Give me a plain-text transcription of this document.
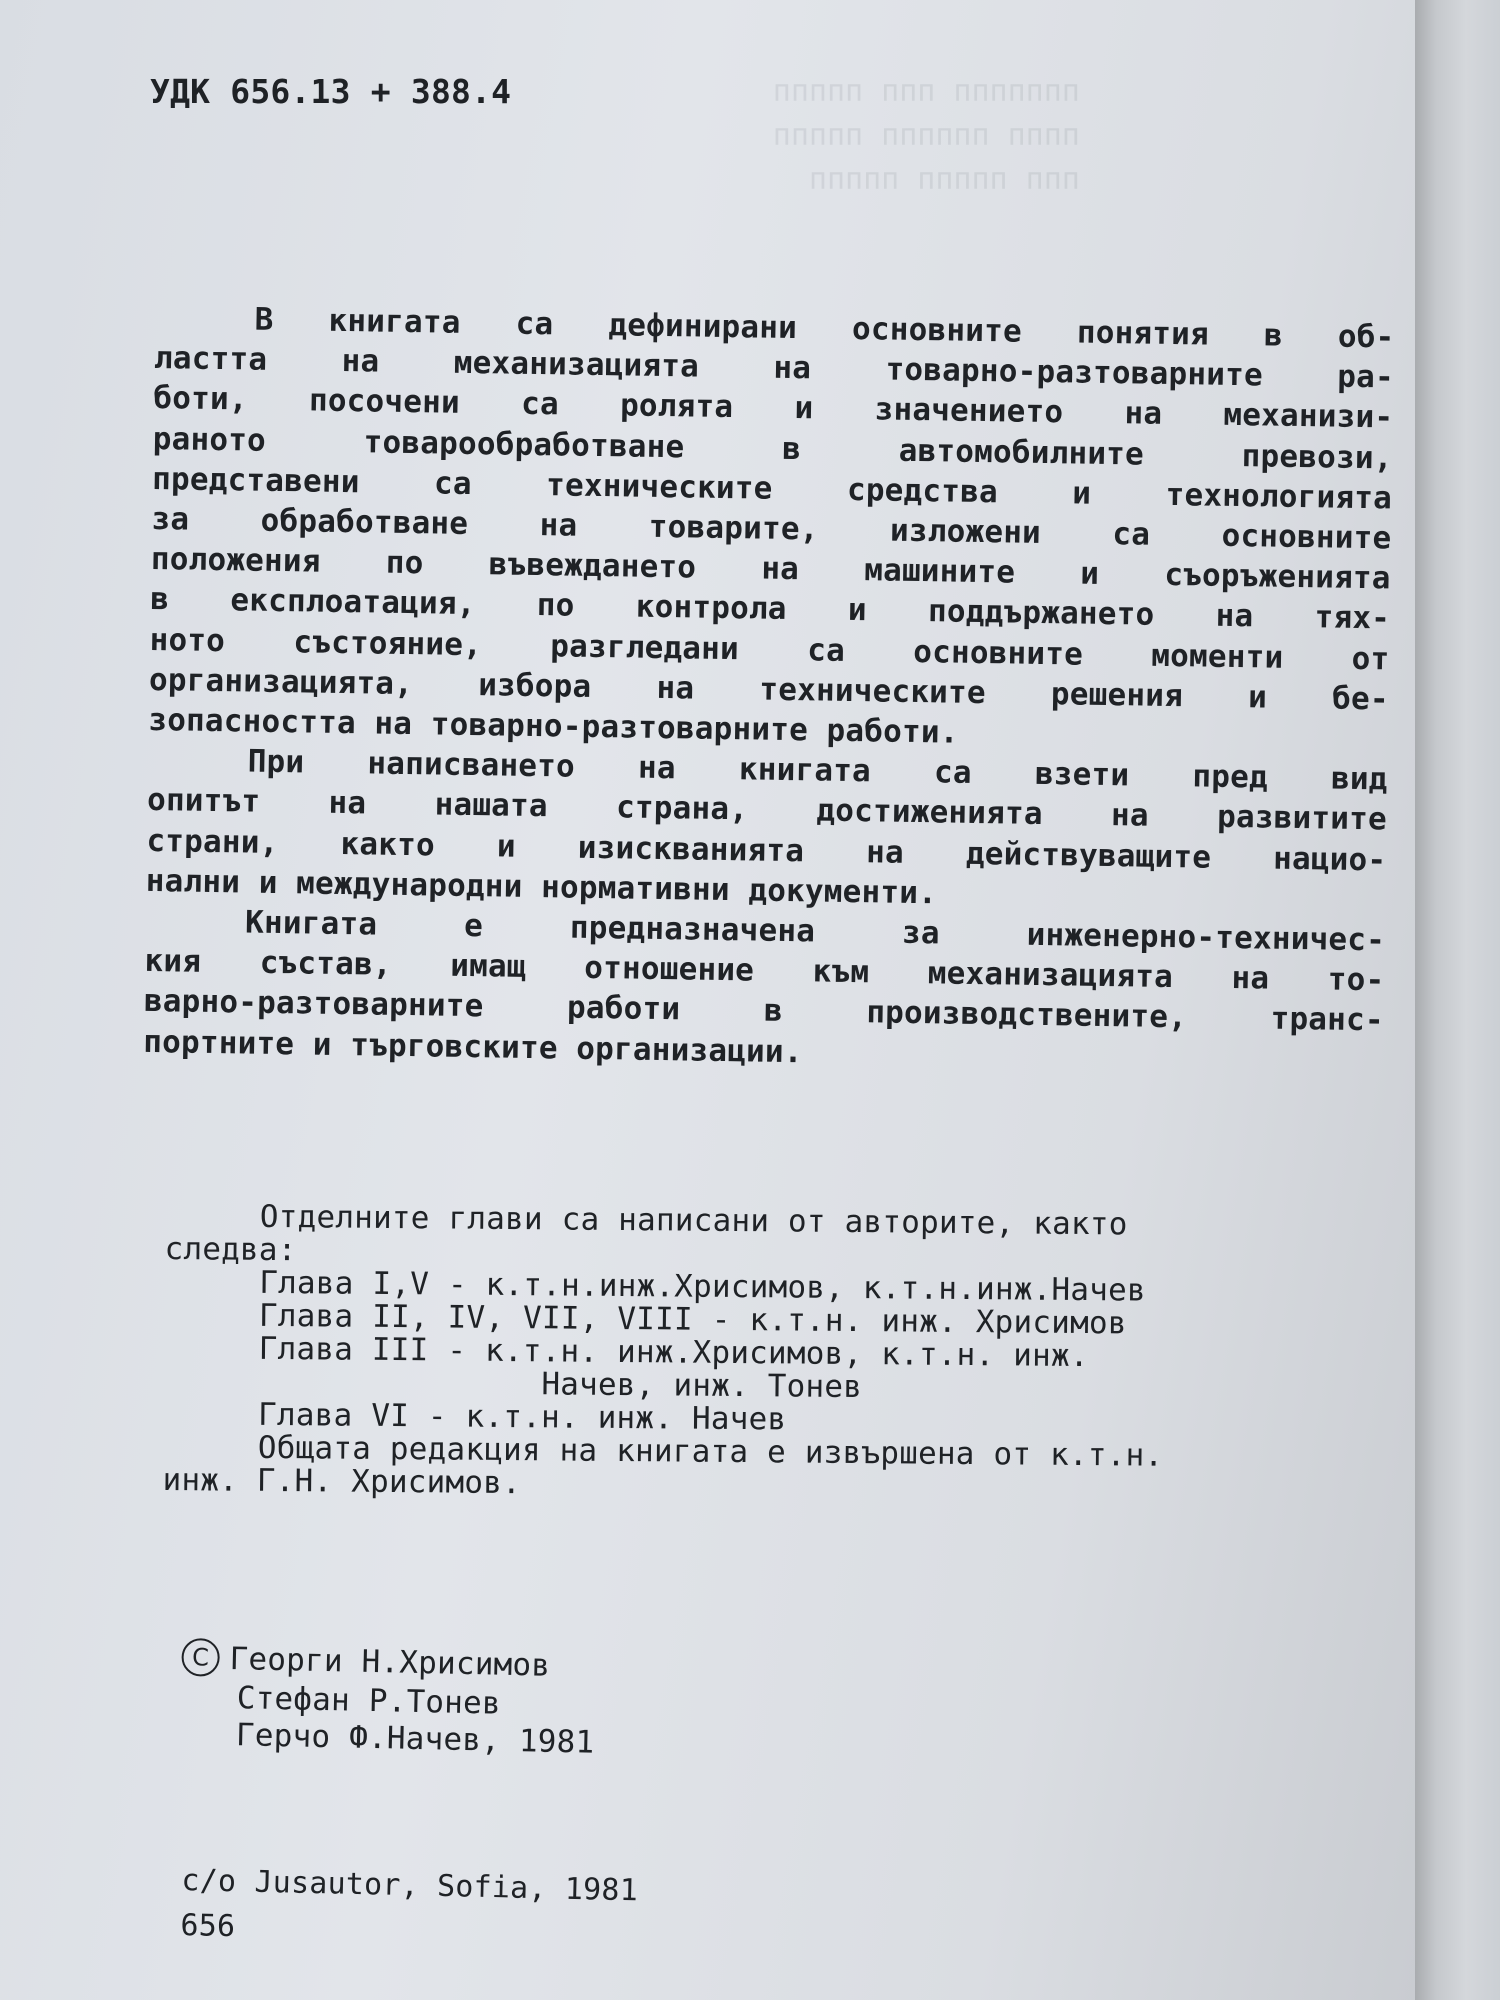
ппппппп ппп ппппп
пппп пппппп ппппп
ппп ппппп ппппп
УДК 656.13 + 388.4
В книгата са дефинирани основните понятия в об-
ластта на механизацията на товарно-разтоварните ра-
боти, посочени са ролята и значението на механизи-
раното	товарообработване	в	автомобилните	превози,
представени са техническите средства и технологията
за обработване на товарите, изложени са основните
положения по въвеждането на машините и съоръженията
в експлоатация, по контрола и поддържането на тях-
ното състояние, разгледани са основните моменти от
организацията, избора на техническите решения и бе-
зопасността на товарно-разтоварните работи.
При написването на книгата са взети пред вид
опитът на нашата страна, достиженията на развитите
страни, както и изискванията на действуващите нацио-
нални и международни нормативни документи.
Книгата	е	предназначена	за	инженерно-техничес-
кия състав, имащ отношение към механизацията на то-
варно-разтоварните	работи	в	производствените,	транс-
портните и търговските организации.
Отделните глави са написани от авторите, както
следва:
Глава I,V - к.т.н.инж.Хрисимов, к.т.н.инж.Начев
Глава II, IV, VII, VIII - к.т.н. инж. Хрисимов
Глава III - к.т.н. инж.Хрисимов, к.т.н. инж.
Начев, инж. Тонев
Глава VI - к.т.н. инж. Начев
Общата редакция на книгата е извършена от к.т.н.
инж. Г.Н. Хрисимов.
C Георги Н.Хрисимов
Стефан Р.Тонев
Герчо Ф.Начев, 1981
c/o Jusautor, Sofia, 1981
656
